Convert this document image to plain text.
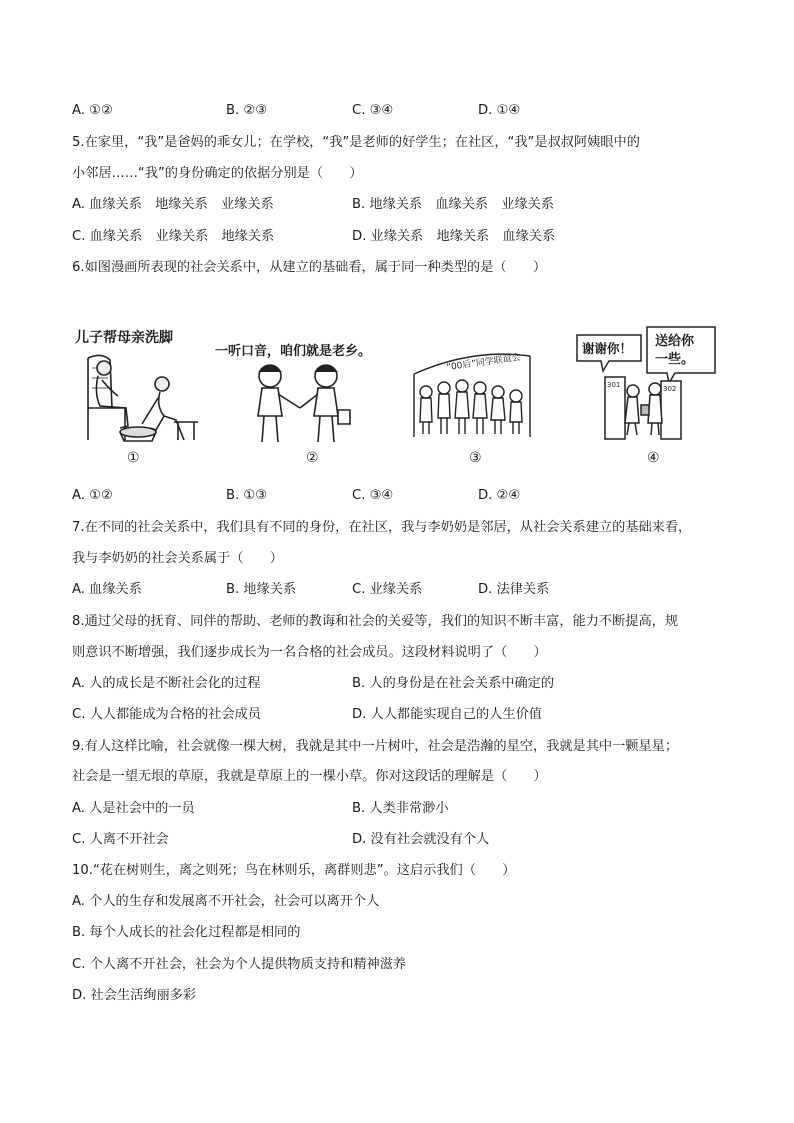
A. ①②	B. ②③	C. ③④	D. ①④
5.在家里，“我”是爸妈的乖女儿；在学校，“我”是老师的好学生；在社区，“我”是叔叔阿姨眼中的
小邻居……“我”的身份确定的依据分别是（　　）
A. 血缘关系　地缘关系　业缘关系	B. 地缘关系　血缘关系　业缘关系
C. 血缘关系　业缘关系　地缘关系	D. 业缘关系　地缘关系　血缘关系
6.如图漫画所表现的社会关系中，从建立的基础看，属于同一种类型的是（　　）
儿子帮母亲洗脚
①
一听口音，咱们就是老乡。
②
“00后”同学联谊会
③
谢谢你！ 送给你
一些。
301	302
④
A. ①②	B. ①③	C. ③④	D. ②④
7.在不同的社会关系中，我们具有不同的身份，在社区，我与李奶奶是邻居，从社会关系建立的基础来看，
我与李奶奶的社会关系属于（　　）
A. 血缘关系	B. 地缘关系	C. 业缘关系	D. 法律关系
8.通过父母的抚育、同伴的帮助、老师的教诲和社会的关爱等，我们的知识不断丰富，能力不断提高，规
则意识不断增强，我们逐步成长为一名合格的社会成员。这段材料说明了（　　）
A. 人的成长是不断社会化的过程	B. 人的身份是在社会关系中确定的
C. 人人都能成为合格的社会成员	D. 人人都能实现自己的人生价值
9.有人这样比喻，社会就像一棵大树，我就是其中一片树叶，社会是浩瀚的星空，我就是其中一颗星星；
社会是一望无垠的草原，我就是草原上的一棵小草。你对这段话的理解是（　　）
A. 人是社会中的一员	B. 人类非常渺小
C. 人离不开社会	D. 没有社会就没有个人
10.“花在树则生，离之则死；鸟在林则乐，离群则悲”。这启示我们（　　）
A. 个人的生存和发展离不开社会，社会可以离开个人
B. 每个人成长的社会化过程都是相同的
C. 个人离不开社会，社会为个人提供物质支持和精神滋养
D. 社会生活绚丽多彩
